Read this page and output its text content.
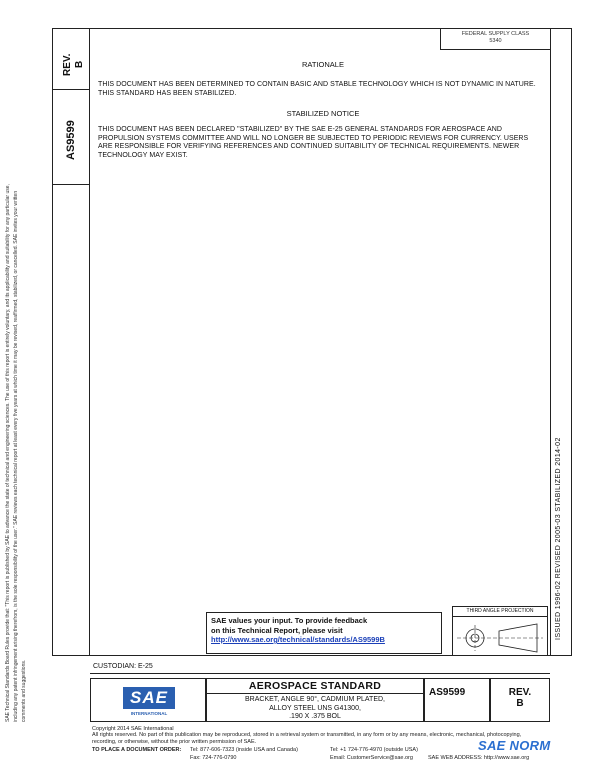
REV. B
AS9599
SAE Technical Standards Board Rules provide that: "This report is published by SAE to advance the state of technical and engineering sciences. The use of this report is entirely voluntary, and its applicability and suitability for any particular use, including any patent infringement arising therefrom, is the sole responsibility of the user." SAE reviews each technical report at least every five years at which time it may be revised, reaffirmed, stabilized, or cancelled. SAE invites your written comments and suggestions.
ISSUED 1996-02 REVISED 2005-03 STABILIZED 2014-02
FEDERAL SUPPLY CLASS
5340
RATIONALE
THIS DOCUMENT HAS BEEN DETERMINED TO CONTAIN BASIC AND STABLE TECHNOLOGY WHICH IS NOT DYNAMIC IN NATURE. THIS STANDARD HAS BEEN STABILIZED.
STABILIZED NOTICE
THIS DOCUMENT HAS BEEN DECLARED "STABILIZED" BY THE SAE E-25 GENERAL STANDARDS FOR AEROSPACE AND PROPULSION SYSTEMS COMMITTEE AND WILL NO LONGER BE SUBJECTED TO PERIODIC REVIEWS FOR CURRENCY. USERS ARE RESPONSIBLE FOR VERIFYING REFERENCES AND CONTINUED SUITABILITY OF TECHNICAL REQUIREMENTS. NEWER TECHNOLOGY MAY EXIST.
SAE values your input. To provide feedback
on this Technical Report, please visit
http://www.sae.org/technical/standards/AS9599B
THIRD ANGLE PROJECTION
CUSTODIAN: E-25
SAE
INTERNATIONAL
AEROSPACE STANDARD
BRACKET, ANGLE 90°, CADMIUM PLATED,
ALLOY STEEL UNS G41300,
.190 X .375 BOL
AS9599	REV.
B
Copyright 2014 SAE International
All rights reserved. No part of this publication may be reproduced, stored in a retrieval system or transmitted, in any form or by any means, electronic, mechanical, photocopying,
recording, or otherwise, without the prior written permission of SAE.
TO PLACE A DOCUMENT ORDER: Tel: 877-606-7323 (inside USA and Canada)	Tel: +1 724-776-4970 (outside USA)
Fax: 724-776-0790	Email: CustomerService@sae.org	SAE WEB ADDRESS: http://www.sae.org
SAE NORM
